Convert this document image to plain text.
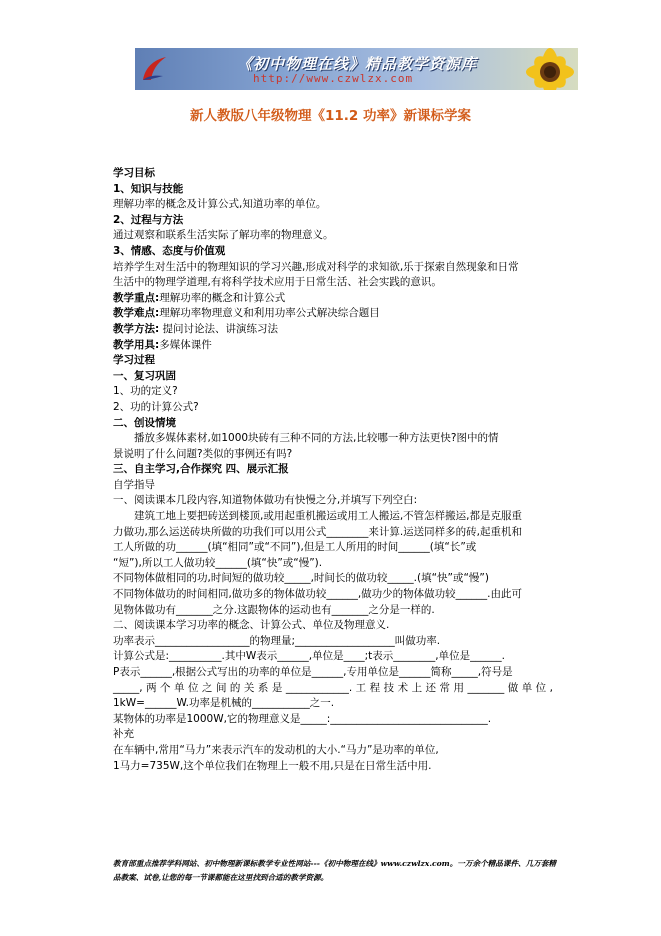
《初中物理在线》精品教学资源库
http://www.czwlzx.com
新人教版八年级物理《11.2 功率》新课标学案

学习目标

1、知识与技能

理解功率的概念及计算公式,知道功率的单位。

2、过程与方法

通过观察和联系生活实际了解功率的物理意义。

3、情感、态度与价值观

培养学生对生活中的物理知识的学习兴趣,形成对科学的求知欲,乐于探索自然现象和日常

生活中的物理学道理,有将科学技术应用于日常生活、社会实践的意识。

教学重点:理解功率的概念和计算公式

教学难点:理解功率物理意义和利用功率公式解决综合题目

教学方法: 提问讨论法、讲演练习法

教学用具:多媒体课件

学习过程

一、复习巩固

1、功的定义?

2、功的计算公式?

二、创设情境

播放多媒体素材,如1000块砖有三种不同的方法,比较哪一种方法更快?图中的情

景说明了什么问题?类似的事例还有吗?

三、自主学习,合作探究 四、展示汇报

自学指导

一、阅读课本几段内容,知道物体做功有快慢之分,并填写下列空白:

建筑工地上要把砖送到楼顶,或用起重机搬运或用工人搬运,不管怎样搬运,都是克服重

力做功,那么运送砖块所做的功我们可以用公式________来计算.运送同样多的砖,起重机和

工人所做的功______(填“相同”或“不同”),但是工人所用的时间______(填“长”或

“短”),所以工人做功较______(填“快”或“慢”).

不同物体做相同的功,时间短的做功较_____,时间长的做功较_____.(填“快”或“慢”)

不同物体做功的时间相同,做功多的物体做功较______,做功少的物体做功较______.由此可

见物体做功有_______之分.这跟物体的运动也有_______之分是一样的.

二、阅读课本学习功率的概念、计算公式、单位及物理意义.

功率表示__________________的物理量;___________________叫做功率.

计算公式是:__________.其中W表示______,单位是____;t表示________,单位是______.

P表示______,根据公式写出的功率的单位是______,专用单位是______简称_____,符号是

_____,两个单位之间的关系是____________.工程技术上还常用_______做单位,

1kW=______W.功率是机械的___________之一.

某物体的功率是1000W,它的物理意义是_____:______________________________.

补充

在车辆中,常用“马力”来表示汽车的发动机的大小.“马力”是功率的单位,

1马力=735W,这个单位我们在物理上一般不用,只是在日常生活中用.

教育部重点推荐学科网站、初中物理新课标教学专业性网站---《初中物理在线》www.czwlzx.com。一万余个精品课件、几万套精品教案、试卷,让您的每一节课都能在这里找到合适的教学资源。
